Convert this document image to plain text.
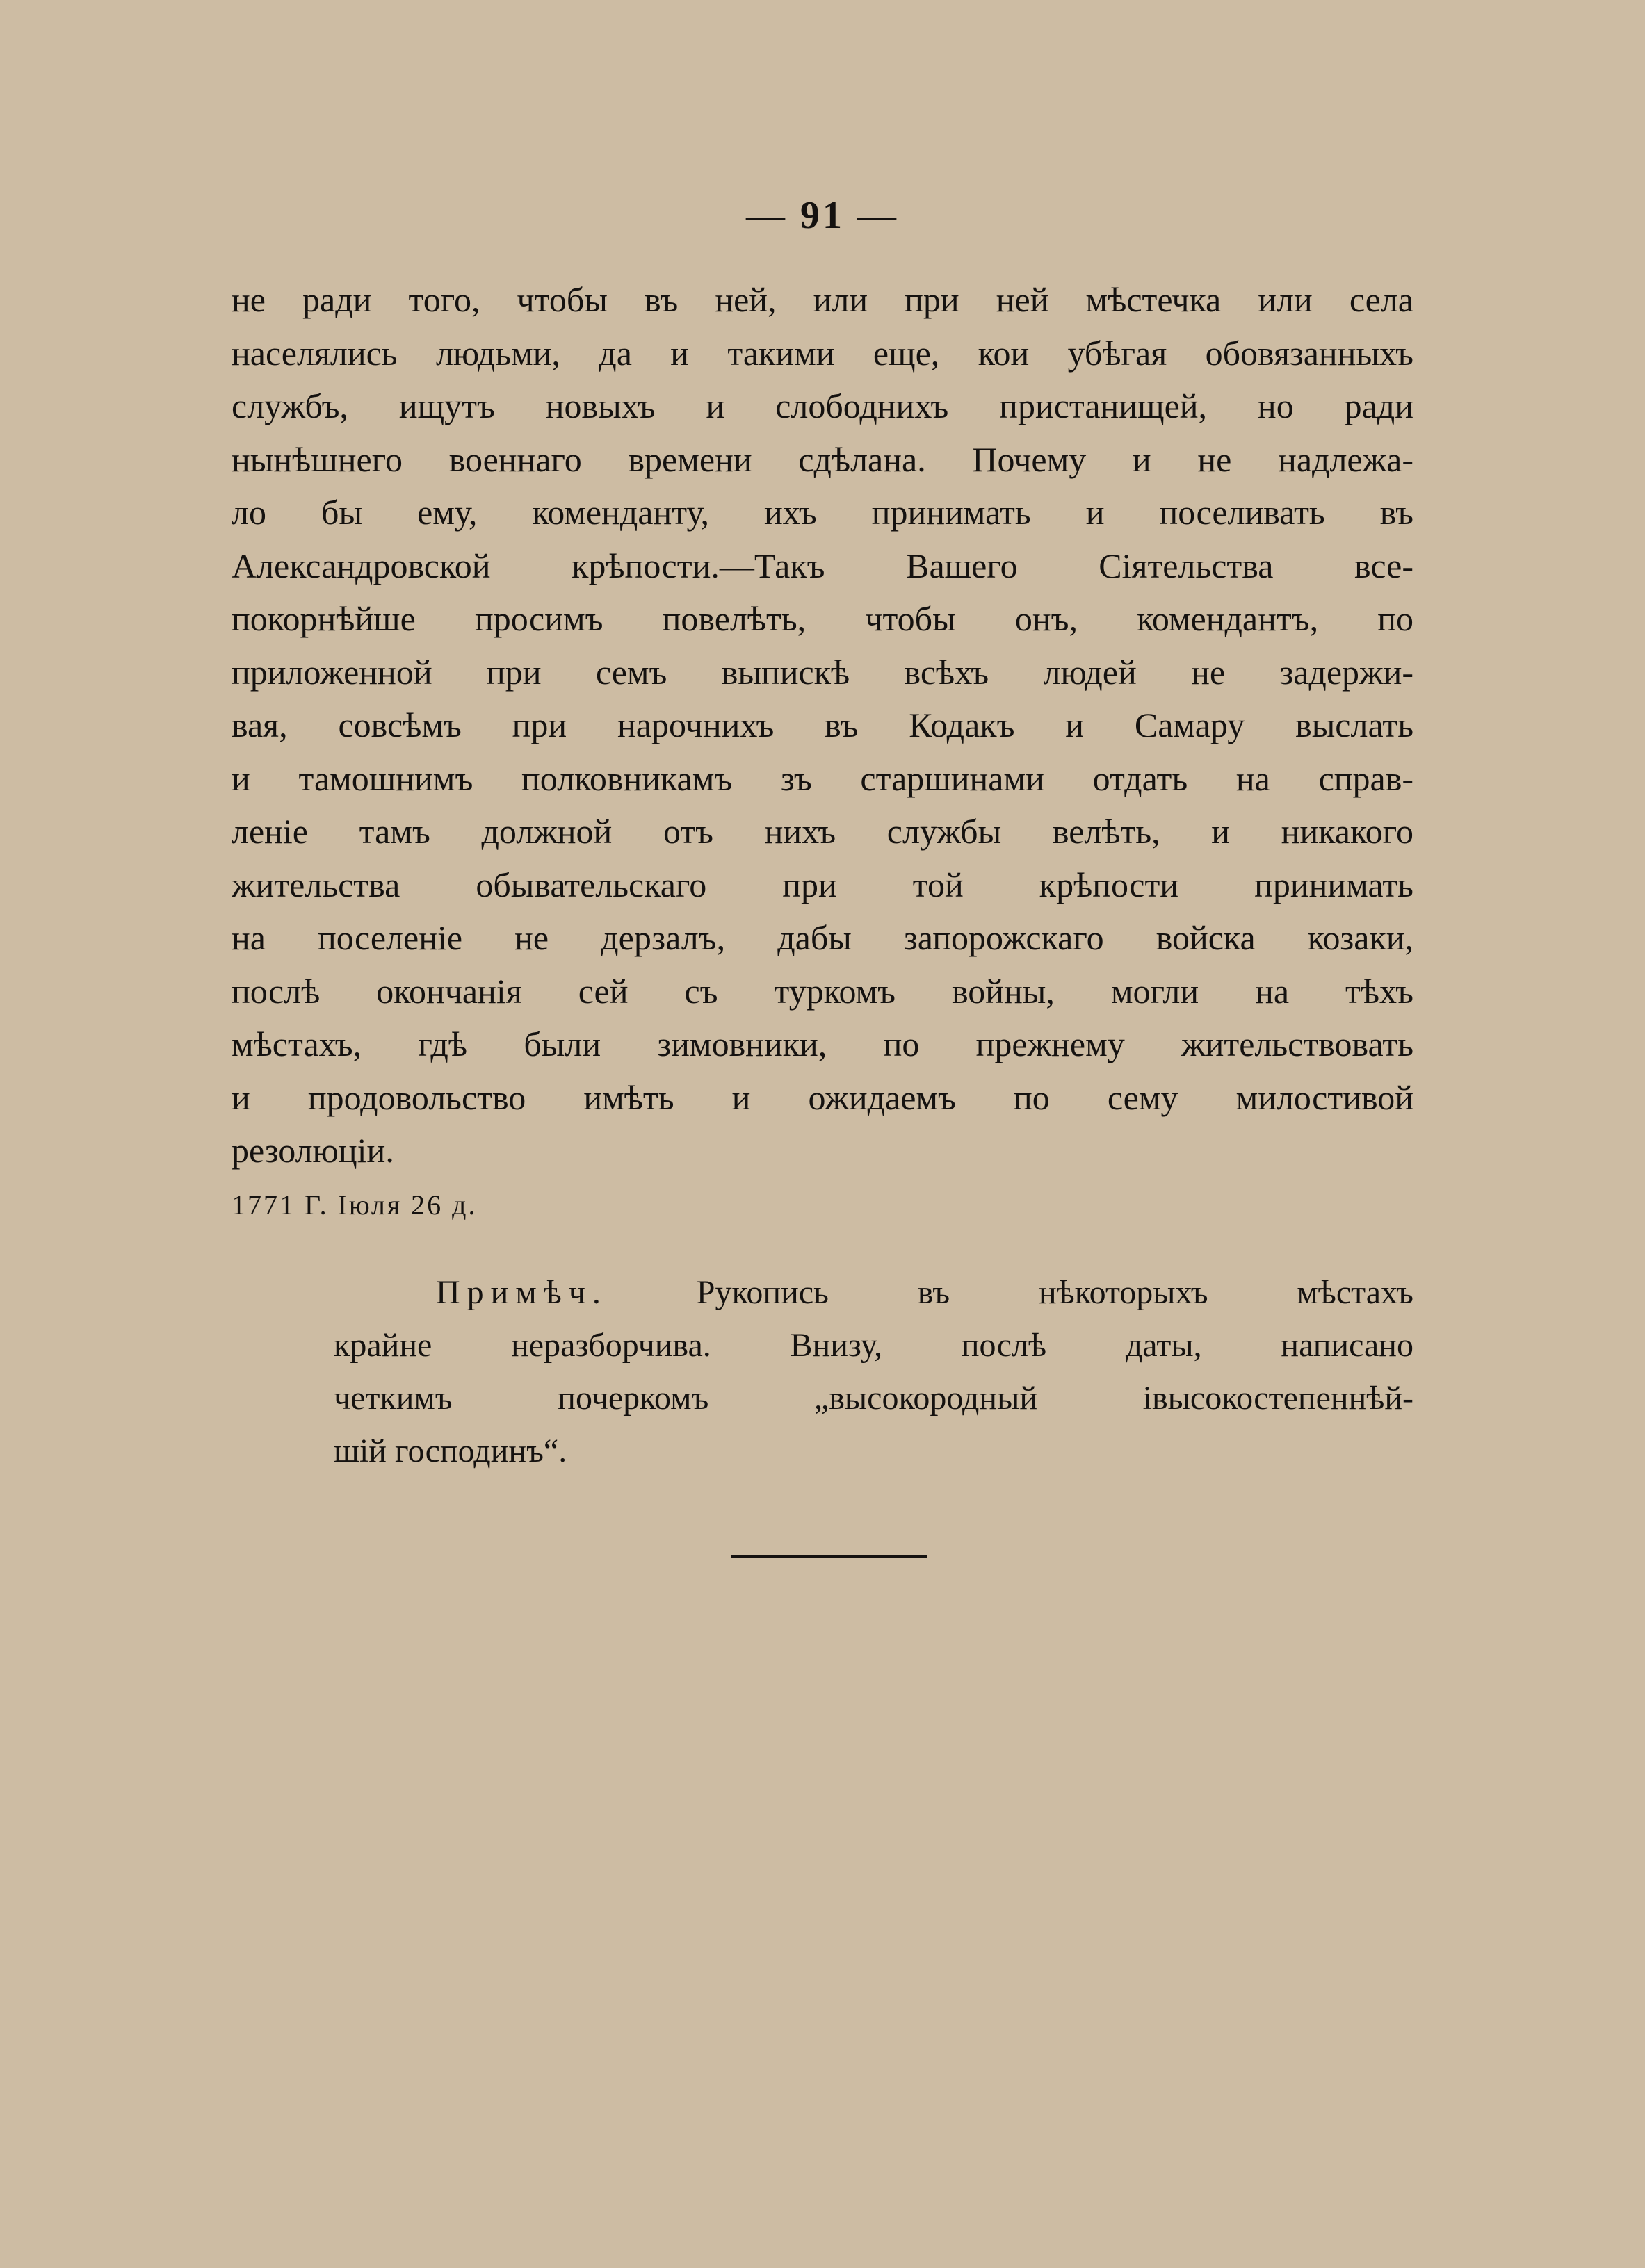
— 91 —
не ради того, чтобы въ ней, или при ней мѣстечка или села
населялись людьми, да и такими еще, кои убѣгая обовязанныхъ
службъ, ищутъ новыхъ и слободнихъ пристанищей, но ради
нынѣшнего военнаго времени сдѣлана. Почему и не надлежа-
ло бы ему, коменданту, ихъ принимать и поселивать въ
Александровской крѣпости.—Такъ Вашего Сіятельства все-
покорнѣйше просимъ повелѣть, чтобы онъ, комендантъ, по
приложенной при семъ выпискѣ всѣхъ людей не задержи-
вая, совсѣмъ при нарочнихъ въ Кодакъ и Самару выслать
и тамошнимъ полковникамъ зъ старшинами отдать на справ-
леніе тамъ должной отъ нихъ службы велѣть, и никакого
жительства обывательскаго при той крѣпости принимать
на поселеніе не дерзалъ, дабы запорожскаго войска козаки,
послѣ окончанія сей съ туркомъ войны, могли на тѣхъ
мѣстахъ, гдѣ были зимовники, по прежнему жительствовать
и продовольство имѣть и ожидаемъ по сему милостивой
резолюціи.
1771 Г. Іюля 26 д.
Примѣч. Рукопись въ нѣкоторыхъ мѣстахъ
крайне неразборчива. Внизу, послѣ даты, написано
четкимъ почеркомъ „высокородный івысокостепеннѣй-
шій господинъ“.
